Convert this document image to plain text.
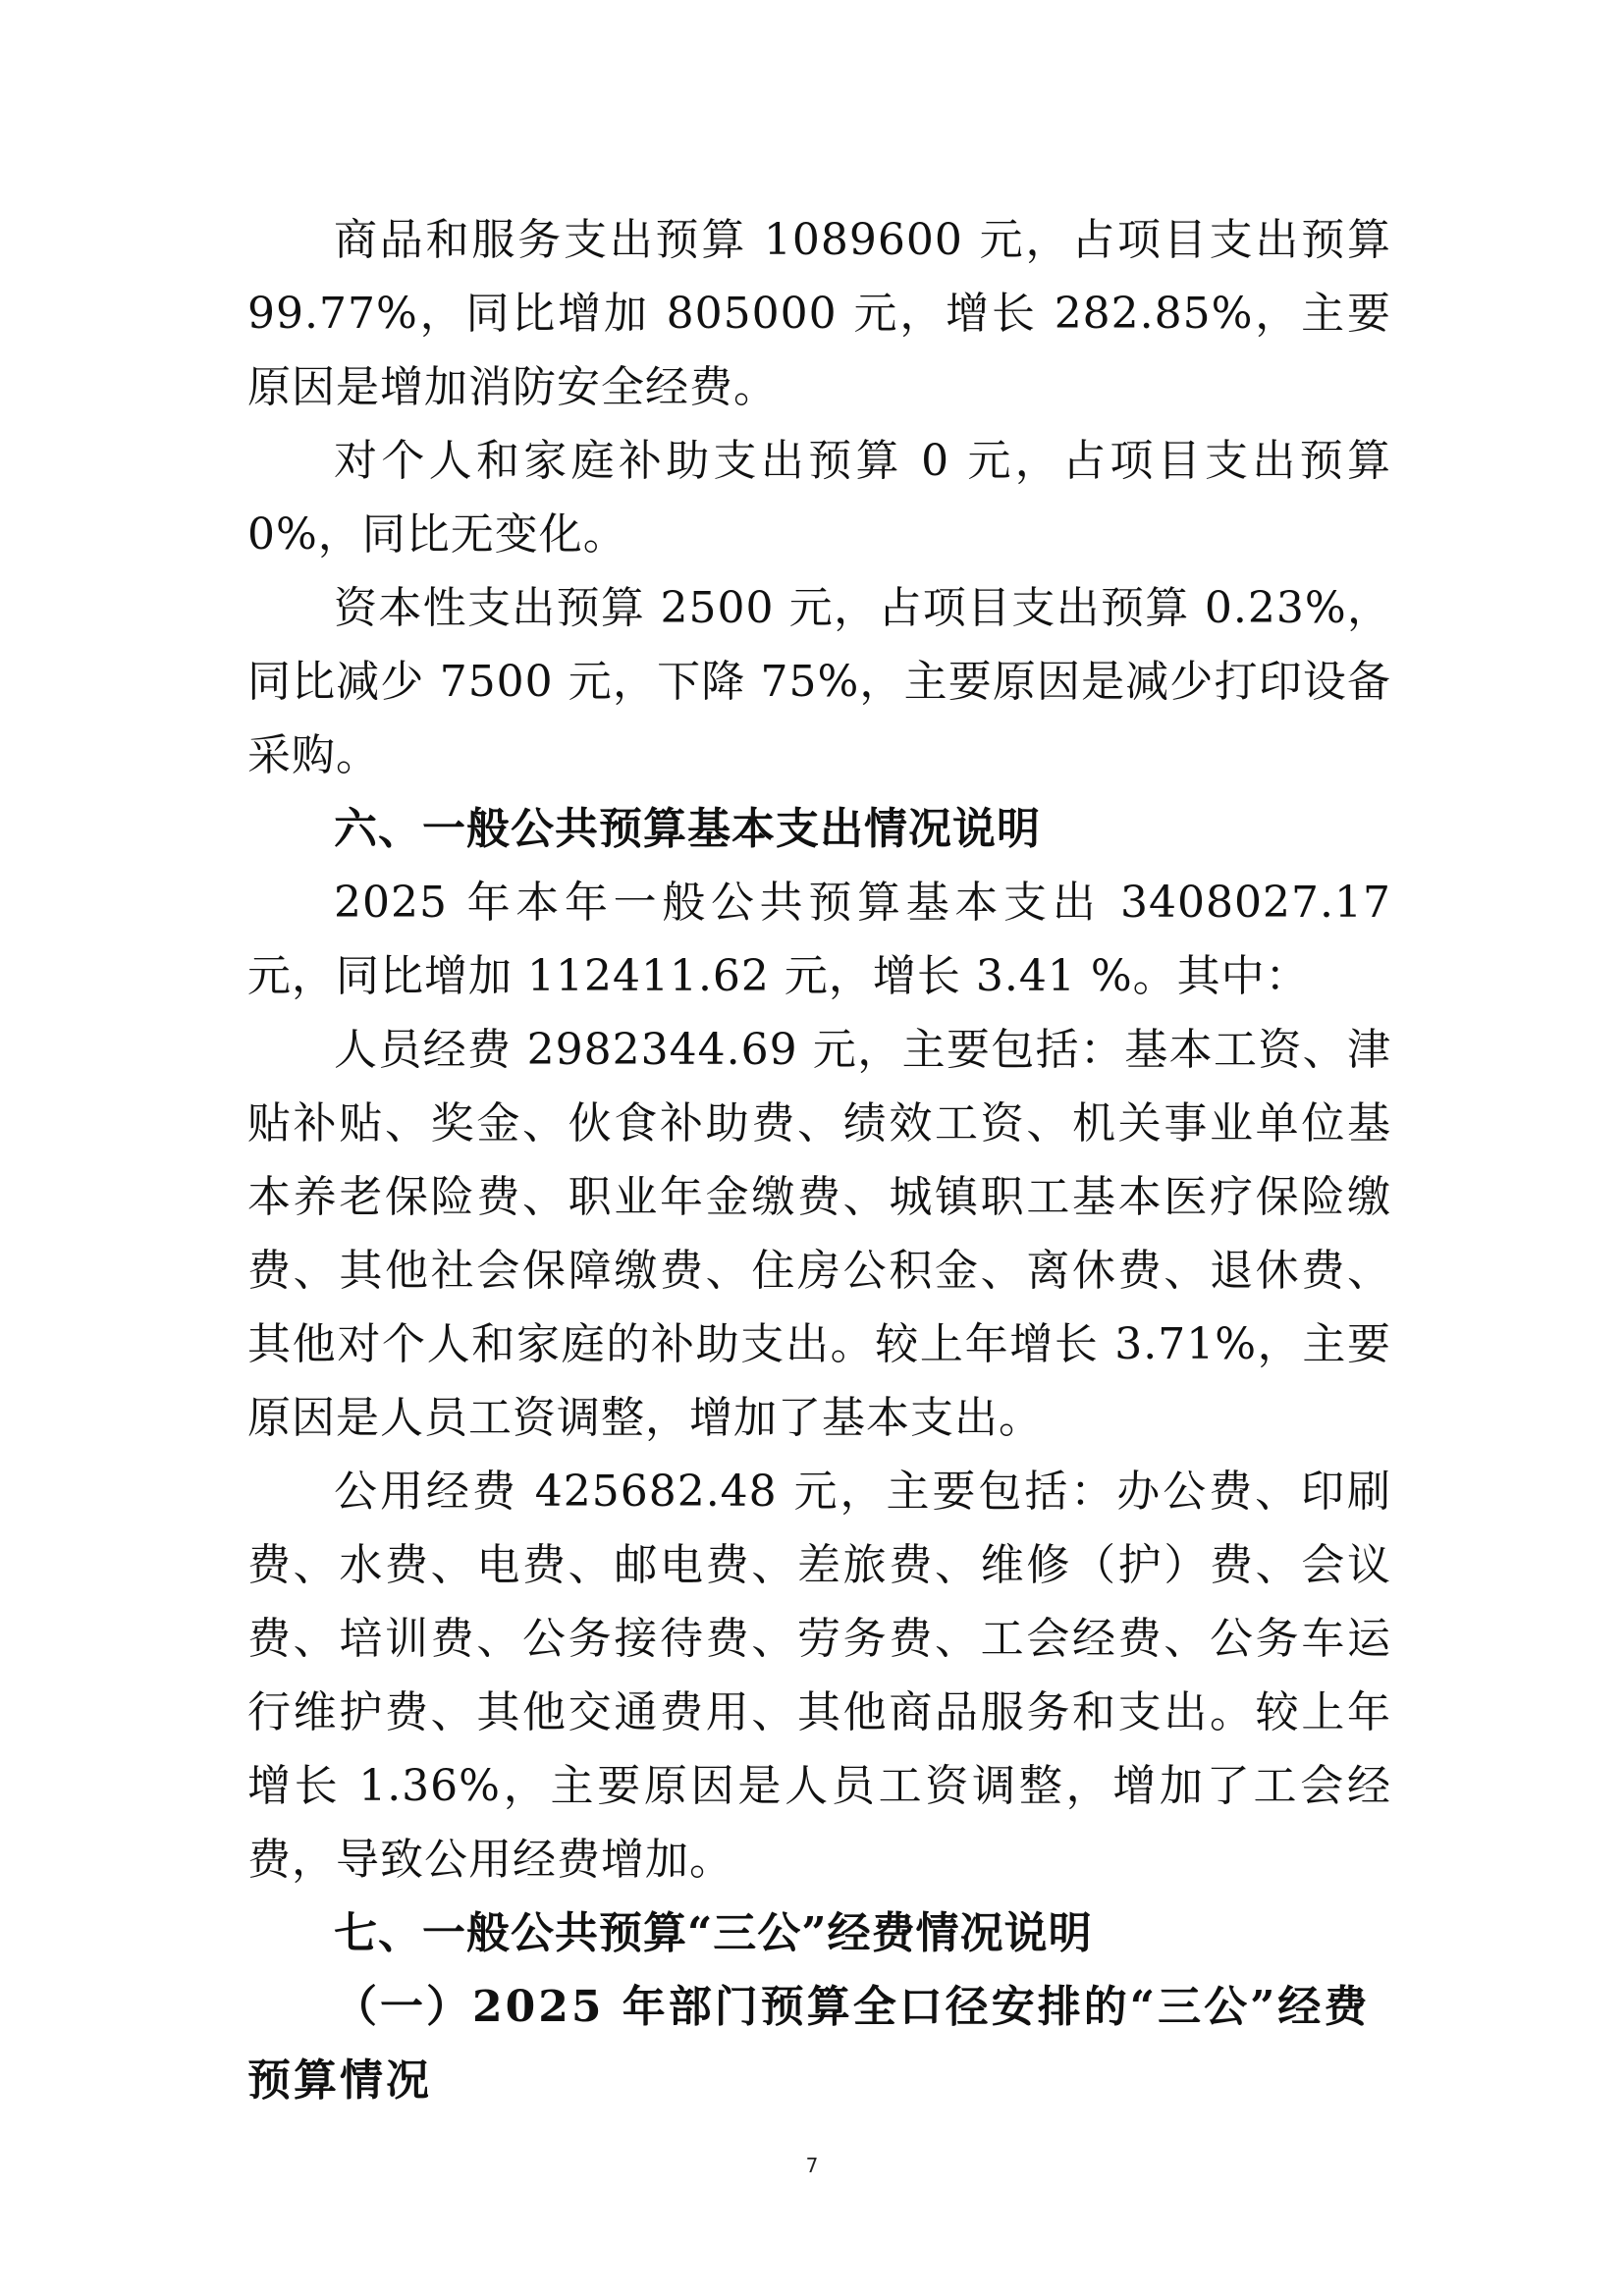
商品和服务支出预算 1089600 元，占项目支出预算 99.77%，同比增加 805000 元，增长 282.85%，主要原因是增加消防安全经费。

对个人和家庭补助支出预算 0 元，占项目支出预算 0%，同比无变化。

资本性支出预算 2500 元，占项目支出预算 0.23%，同比减少 7500 元，下降 75%，主要原因是减少打印设备采购。

六、一般公共预算基本支出情况说明

2025 年本年一般公共预算基本支出 3408027.17 元，同比增加 112411.62 元，增长 3.41 %。其中：

人员经费 2982344.69 元，主要包括：基本工资、津贴补贴、奖金、伙食补助费、绩效工资、机关事业单位基本养老保险费、职业年金缴费、城镇职工基本医疗保险缴费、其他社会保障缴费、住房公积金、离休费、退休费、其他对个人和家庭的补助支出。较上年增长 3.71%，主要原因是人员工资调整，增加了基本支出。

公用经费 425682.48 元，主要包括：办公费、印刷费、水费、电费、邮电费、差旅费、维修（护）费、会议费、培训费、公务接待费、劳务费、工会经费、公务车运行维护费、其他交通费用、其他商品服务和支出。较上年增长 1.36%，主要原因是人员工资调整，增加了工会经费，导致公用经费增加。

七、一般公共预算“三公”经费情况说明

（一）2025 年部门预算全口径安排的“三公”经费预算情况

7
